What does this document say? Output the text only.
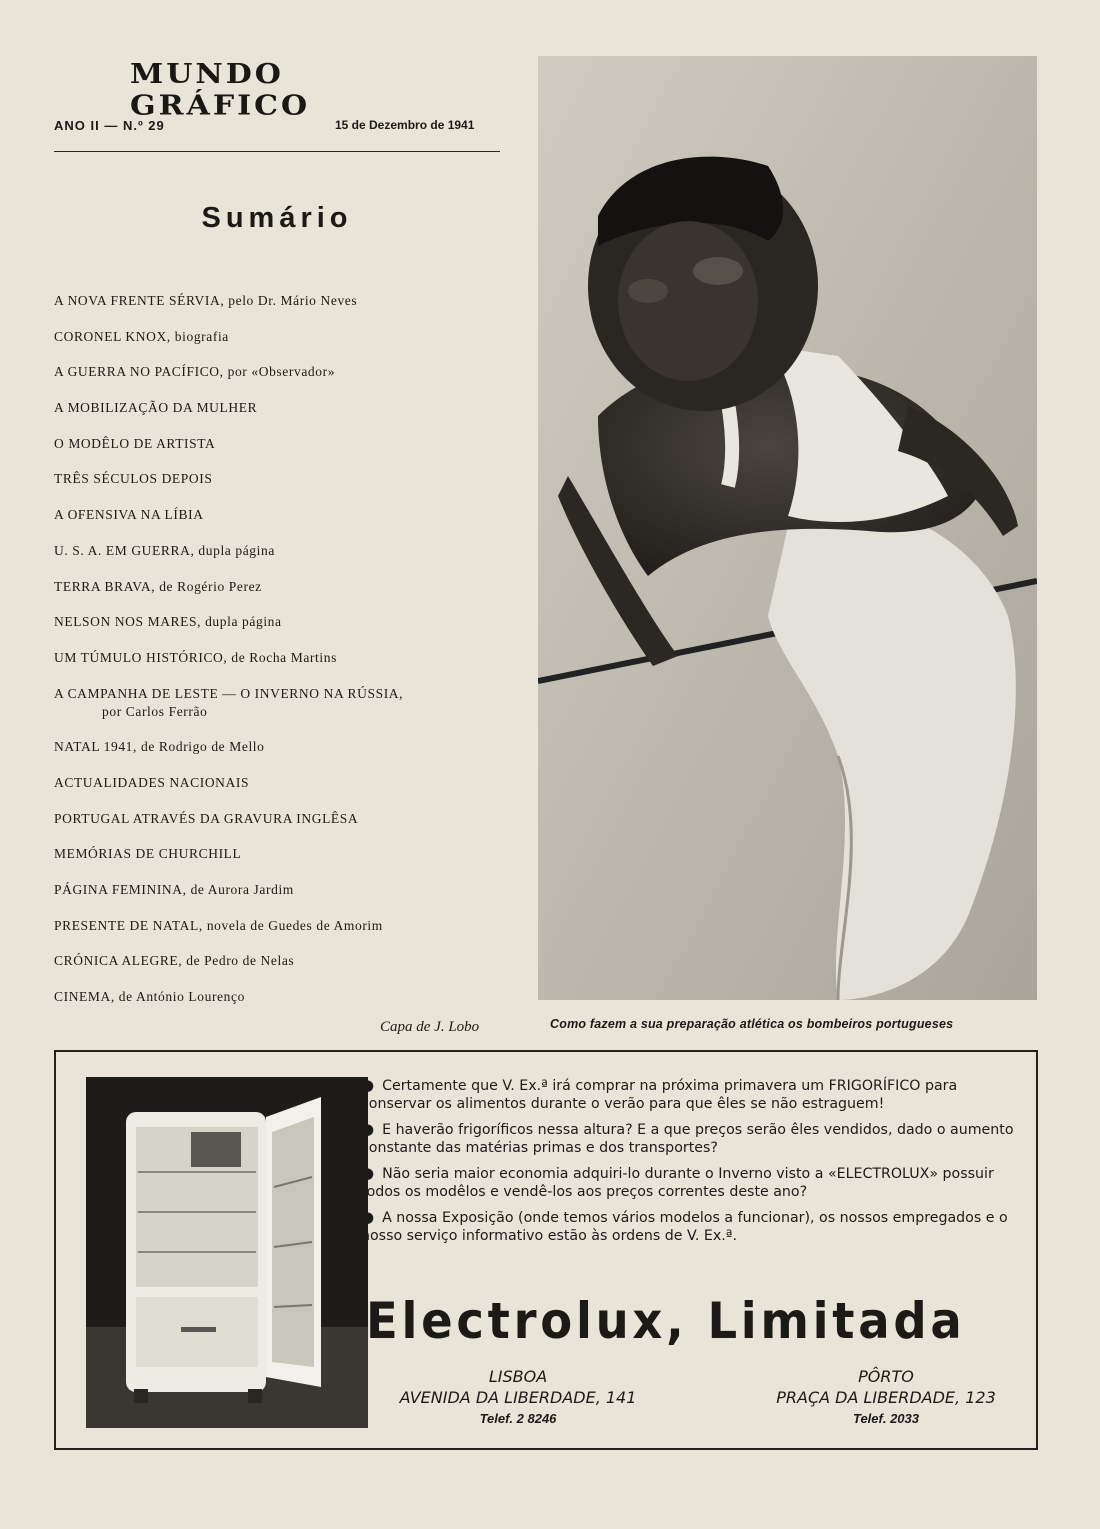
MUNDO GRÁFICO
ANO II — N.º 29	15 de Dezembro de 1941
Sumário
A NOVA FRENTE SÉRVIA, pelo Dr. Mário Neves
CORONEL KNOX, biografia
A GUERRA NO PACÍFICO, por «Observador»
A MOBILIZAÇÃO DA MULHER
O MODÊLO DE ARTISTA
TRÊS SÉCULOS DEPOIS
A OFENSIVA NA LÍBIA
U. S. A. EM GUERRA, dupla página
TERRA BRAVA, de Rogério Perez
NELSON NOS MARES, dupla página
UM TÚMULO HISTÓRICO, de Rocha Martins
A CAMPANHA DE LESTE — O INVERNO NA RÚSSIA,
por Carlos Ferrão
NATAL 1941, de Rodrigo de Mello
ACTUALIDADES NACIONAIS
PORTUGAL ATRAVÉS DA GRAVURA INGLÊSA
MEMÓRIAS DE CHURCHILL
PÁGINA FEMININA, de Aurora Jardim
PRESENTE DE NATAL, novela de Guedes de Amorim
CRÓNICA ALEGRE, de Pedro de Nelas
CINEMA, de António Lourenço
Capa de J. Lobo	Como fazem a sua preparação atlética os bombeiros portugueses

● Certamente que V. Ex.ª irá comprar na próxima primavera um FRIGORÍFICO para conservar os alimentos durante o verão para que êles se não estraguem!

● E haverão frigoríficos nessa altura? E a que preços serão êles vendidos, dado o aumento constante das matérias primas e dos transportes?

● Não seria maior economia adquiri-lo durante o Inverno visto a «ELECTROLUX» possuir todos os modêlos e vendê-los aos preços correntes deste ano?

● A nossa Exposição (onde temos vários modelos a funcionar), os nossos empregados e o nosso serviço informativo estão às ordens de V. Ex.ª.

Electrolux, Limitada
LISBOA
AVENIDA DA LIBERDADE, 141
Telef. 2 8246
PÔRTO
PRAÇA DA LIBERDADE, 123
Telef. 2033
